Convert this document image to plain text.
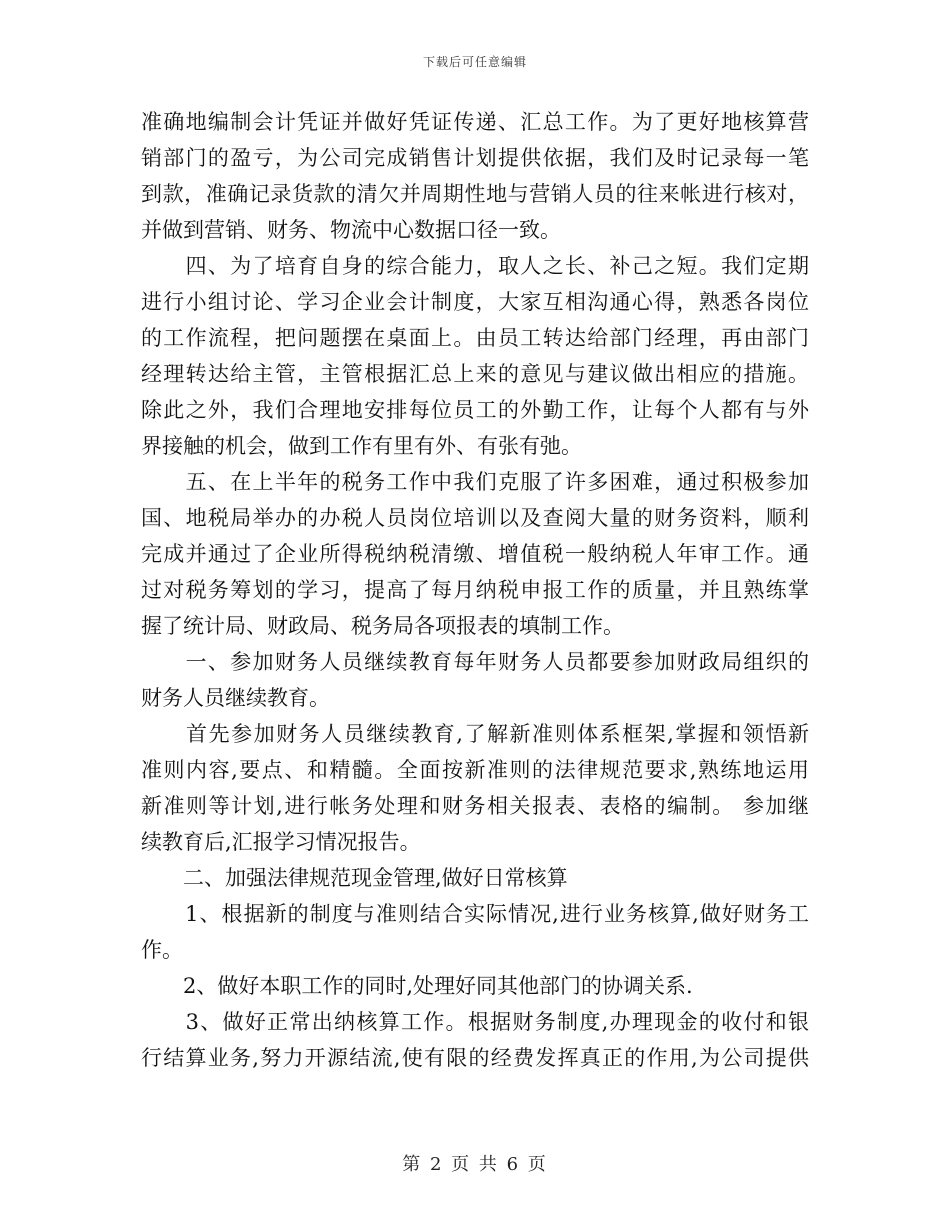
下载后可任意编辑
准确地编制会计凭证并做好凭证传递、汇总工作。为了更好地核算营
销部门的盈亏，为公司完成销售计划提供依据，我们及时记录每一笔
到款，准确记录货款的清欠并周期性地与营销人员的往来帐进行核对，
并做到营销、财务、物流中心数据口径一致。
　　四、为了培育自身的综合能力，取人之长、补己之短。我们定期
进行小组讨论、学习企业会计制度，大家互相沟通心得，熟悉各岗位
的工作流程，把问题摆在桌面上。由员工转达给部门经理，再由部门
经理转达给主管，主管根据汇总上来的意见与建议做出相应的措施。
除此之外，我们合理地安排每位员工的外勤工作，让每个人都有与外
界接触的机会，做到工作有里有外、有张有弛。
　　五、在上半年的税务工作中我们克服了许多困难，通过积极参加
国、地税局举办的办税人员岗位培训以及查阅大量的财务资料，顺利
完成并通过了企业所得税纳税清缴、增值税一般纳税人年审工作。通
过对税务筹划的学习，提高了每月纳税申报工作的质量，并且熟练掌
握了统计局、财政局、税务局各项报表的填制工作。
　　一、参加财务人员继续教育每年财务人员都要参加财政局组织的
财务人员继续教育。
　　首先参加财务人员继续教育,了解新准则体系框架,掌握和领悟新
准则内容,要点、和精髓。全面按新准则的法律规范要求,熟练地运用
新准则等计划,进行帐务处理和财务相关报表、表格的编制。 参加继
续教育后,汇报学习情况报告。
　　二、加强法律规范现金管理,做好日常核算
　　1、根据新的制度与准则结合实际情况,进行业务核算,做好财务工
作。
　　2、做好本职工作的同时,处理好同其他部门的协调关系.
　　3、做好正常出纳核算工作。根据财务制度,办理现金的收付和银
行结算业务,努力开源结流,使有限的经费发挥真正的作用,为公司提供
第 2 页 共 6 页
